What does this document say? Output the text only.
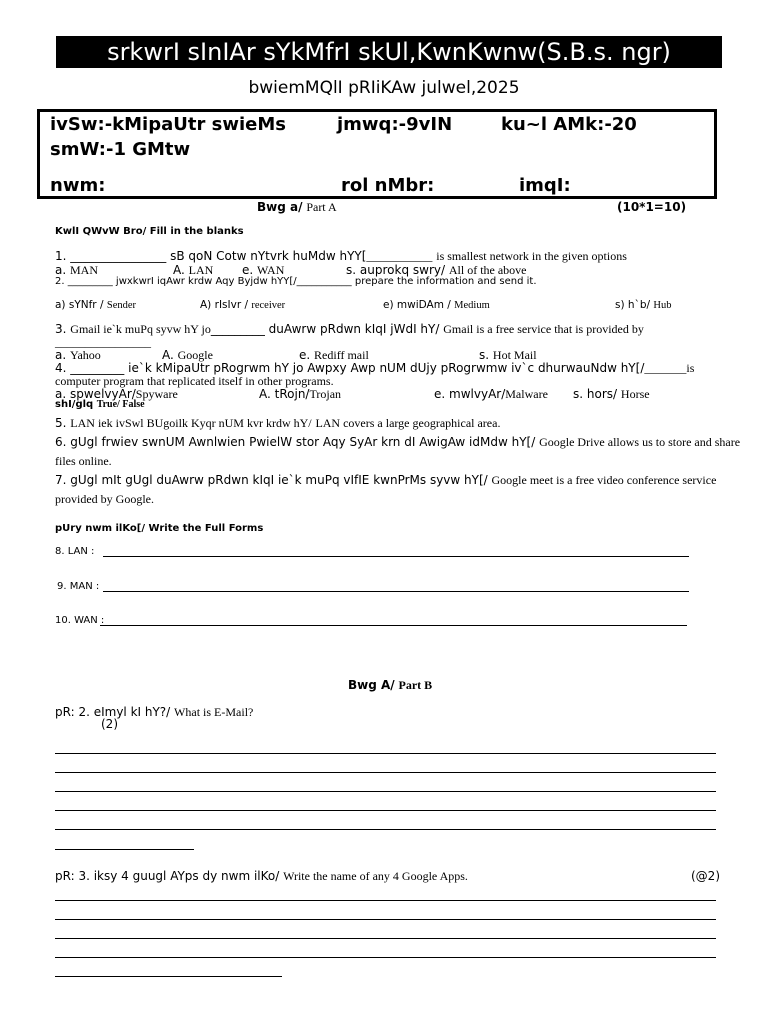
srkwrI sInIAr sYkMfrI skUl,KwnKwnw(S.B.s. ngr)
bwiemMQlI pRIiKAw julwel,2025
ivSw:-kMipaUtr swieMs	jmwq:-9vIN	ku~l AMk:-20
smW:-1 GMtw
nwm:	rol nMbr:	imqI:
Bwg a/ Part A	(10*1=10)
KwlI QWvW Bro/ Fill in the blanks
1. ________________ sB qoN Cotw nYtvrk huMdw hYY[___________ is smallest network in the given options
a. MAN	A. LAN e. WAN	s. auprokq swry/ All of the above
2. _________ jwxkwrI iqAwr krdw Aqy Byjdw hYY[/___________ prepare the information and send it.
a) sYNfr / Sender	A) rIsIvr / receiver	e) mwiDAm / Medium	s) h`b/ Hub
3. Gmail ie`k muPq syvw hY jo_________ duAwrw pRdwn kIqI jWdI hY/ Gmail is a free service that is provided by
________________
a. Yahoo	A. Google	e. Rediff mail	s. Hot Mail
4. _________ ie`k kMipaUtr pRogrwm hY jo Awpxy Awp nUM dUjy pRogrwmw iv`c dhurwauNdw hY[/_______is
computer program that replicated itself in other programs.
a. spwelvyAr/Spyware	A. tRojn/Trojan	e. mwlvyAr/Malware s. hors/ Horse
shI/glq True/ False
5. LAN iek ivSwl BUgoilk Kyqr nUM kvr krdw hY/ LAN covers a large geographical area.
6. gUgl frwiev swnUM Awnlwien PwielW stor Aqy SyAr krn dI AwigAw idMdw hY[/ Google Drive allows us to store and share
files online.
7. gUgl mIt gUgl duAwrw pRdwn kIqI ie`k muPq vIfIE kwnPrMs syvw hY[/ Google meet is a free video conference service
provided by Google.
pUry nwm ilKo[/ Write the Full Forms
8. LAN :
9. MAN :
10. WAN :
Bwg A/ Part B
pR: 2. eImyl kI hY?/ What is E-Mail?
(2)
pR: 3. iksy 4 guugl AYps dy nwm ilKo/ Write the name of any 4 Google Apps.	(@2)
